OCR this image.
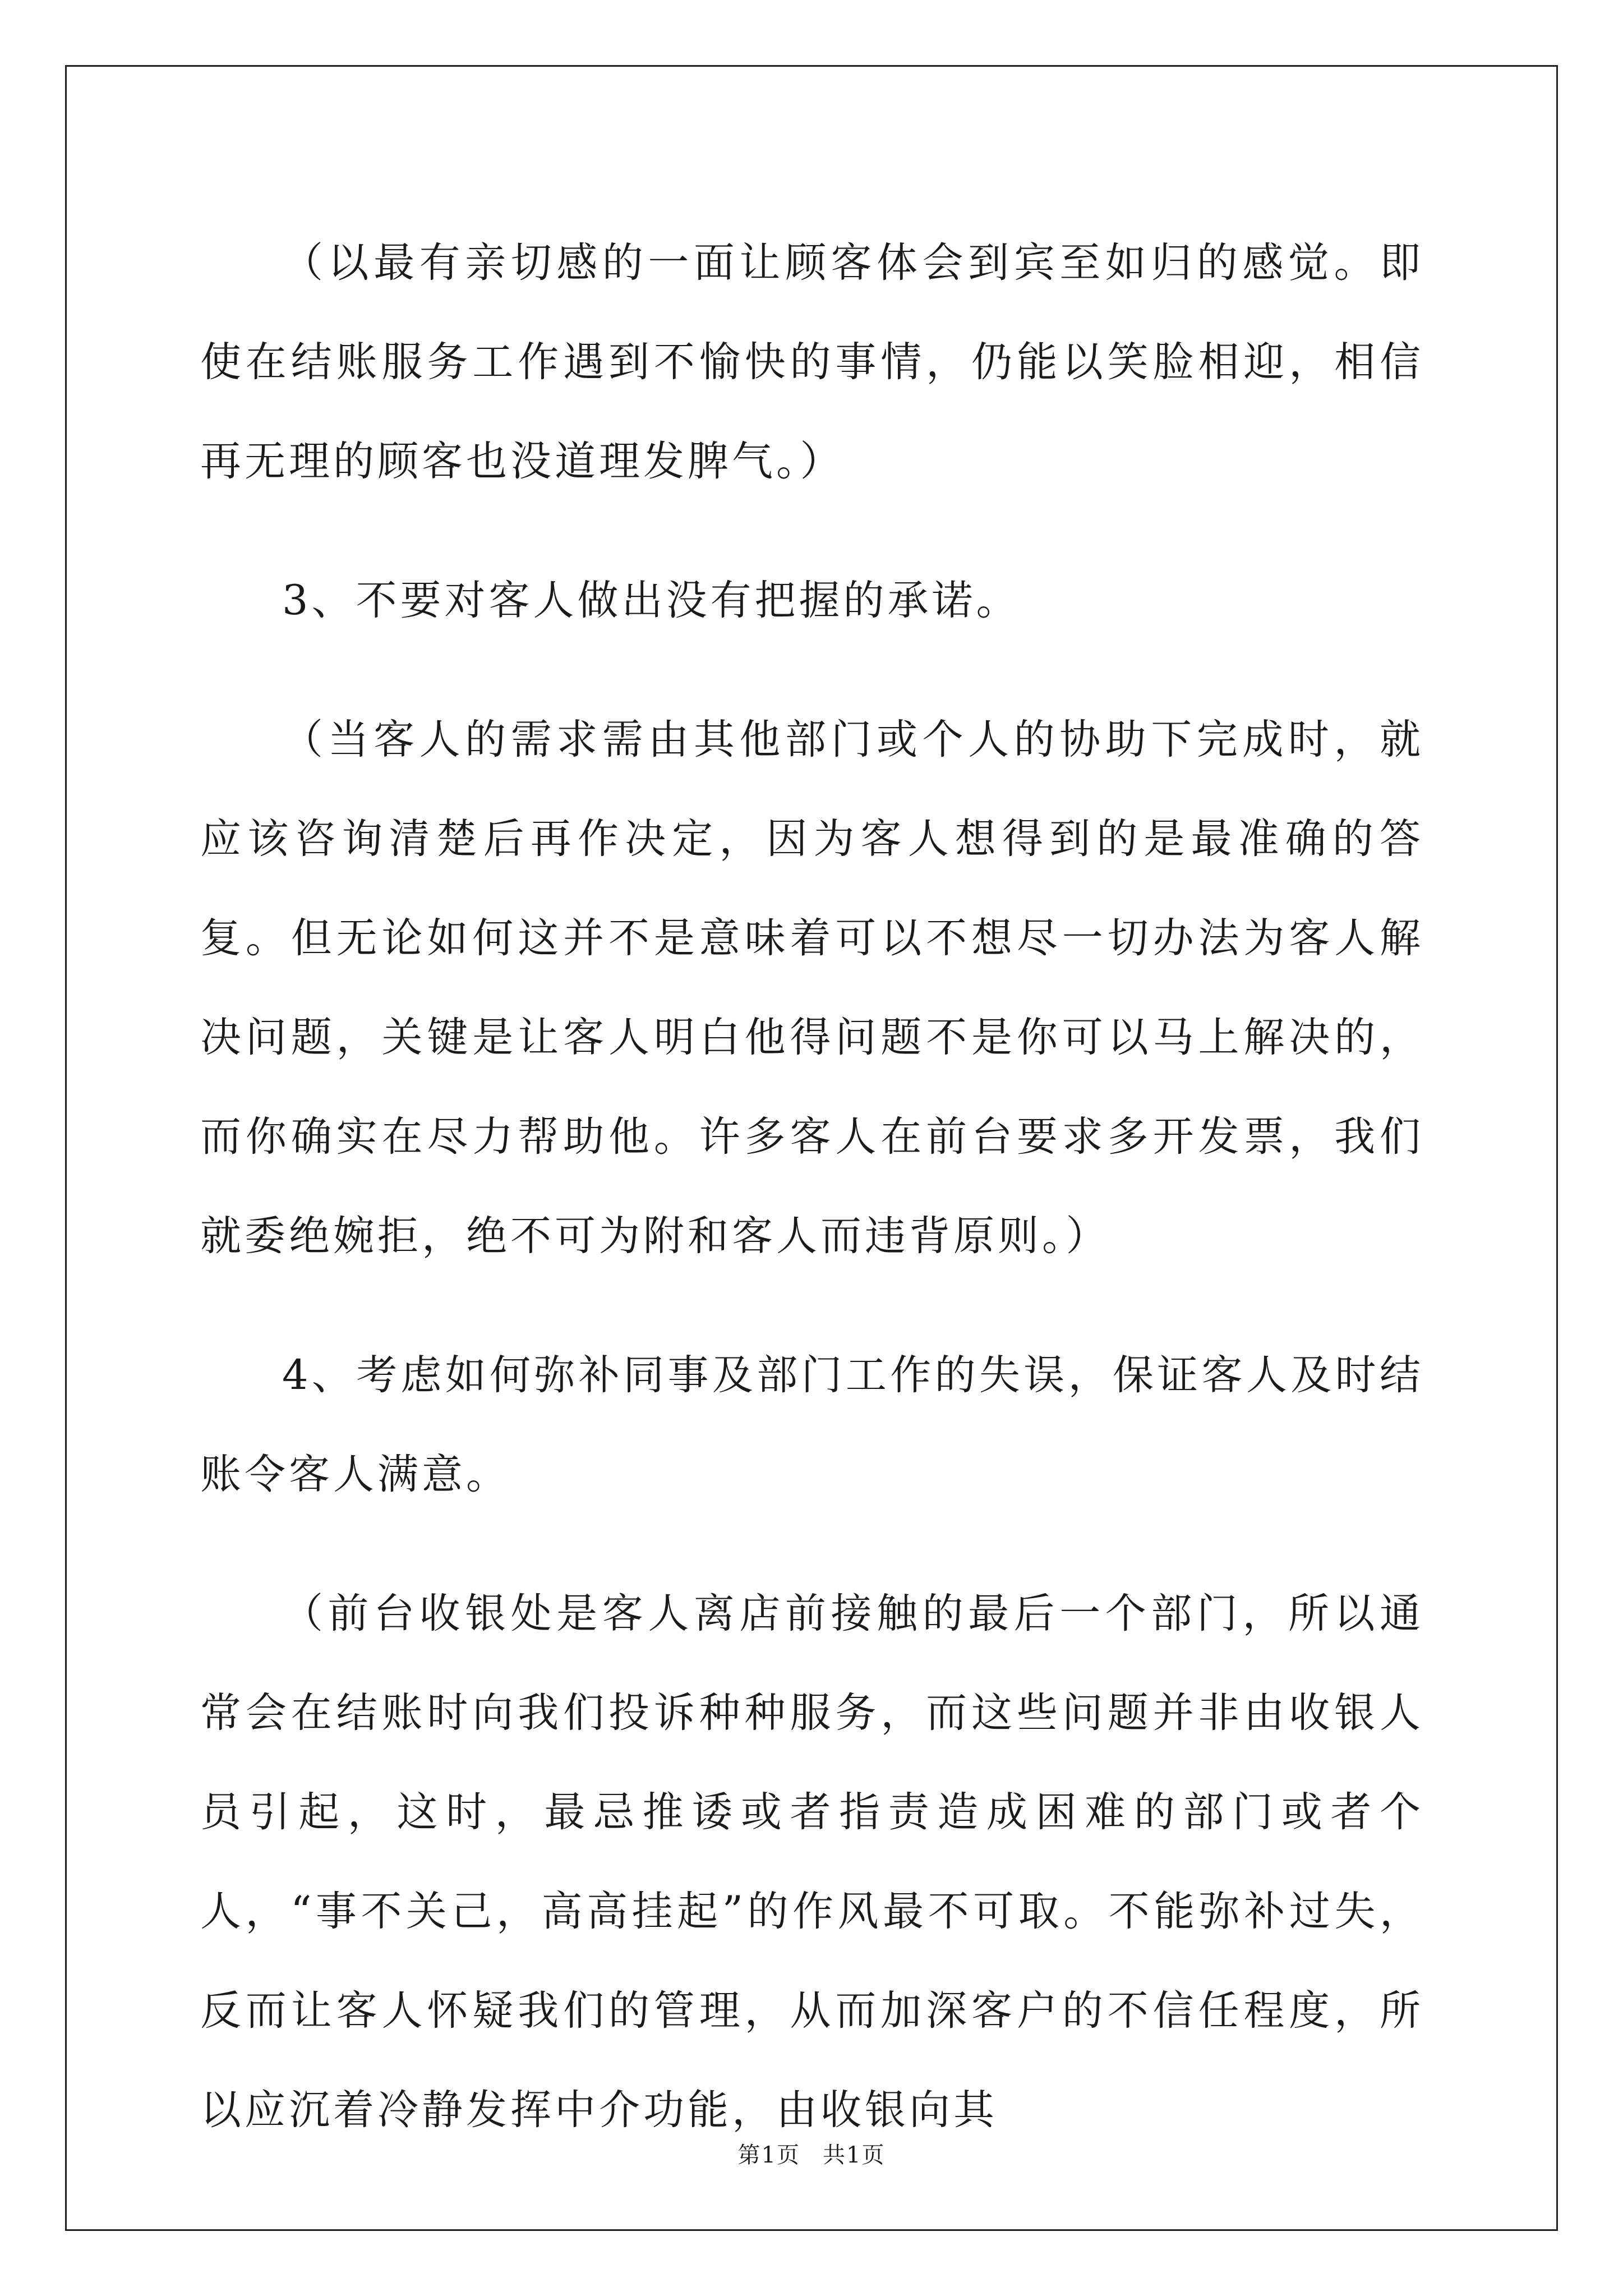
（以最有亲切感的一面让顾客体会到宾至如归的感觉。即使在结账服务工作遇到不愉快的事情，仍能以笑脸相迎，相信再无理的顾客也没道理发脾气。）

3、不要对客人做出没有把握的承诺。

（当客人的需求需由其他部门或个人的协助下完成时，就应该咨询清楚后再作决定，因为客人想得到的是最准确的答复。但无论如何这并不是意味着可以不想尽一切办法为客人解决问题，关键是让客人明白他得问题不是你可以马上解决的，而你确实在尽力帮助他。许多客人在前台要求多开发票，我们就委绝婉拒，绝不可为附和客人而违背原则。）

4、考虑如何弥补同事及部门工作的失误，保证客人及时结账令客人满意。

（前台收银处是客人离店前接触的最后一个部门，所以通常会在结账时向我们投诉种种服务，而这些问题并非由收银人员引起，这时，最忌推诿或者指责造成困难的部门或者个人，“事不关己，高高挂起”的作风最不可取。不能弥补过失，反而让客人怀疑我们的管理，从而加深客户的不信任程度，所以应沉着冷静发挥中介功能，由收银向其

第1页 共1页
